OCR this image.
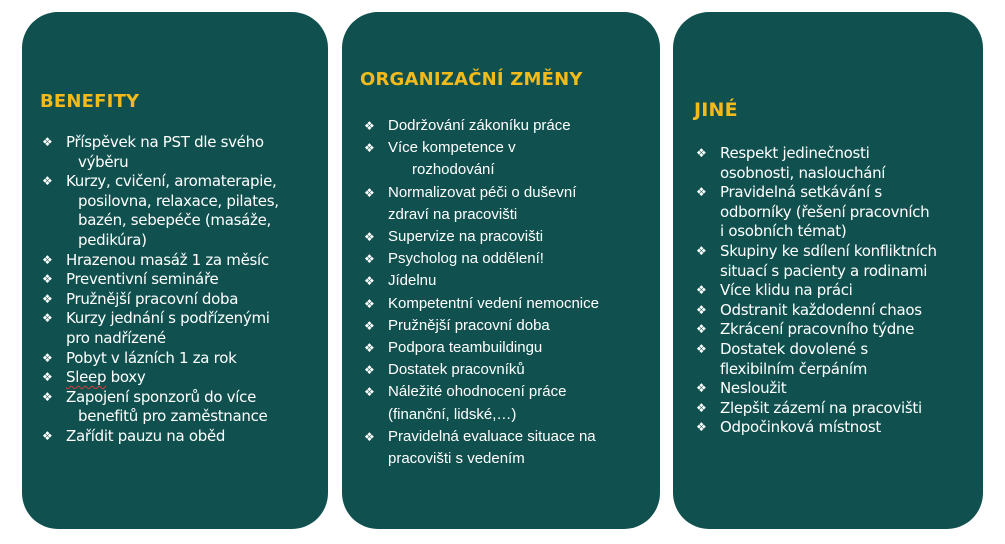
BENEFITY
❖ Příspěvek na PST dle svého
výběru
❖ Kurzy, cvičení, aromaterapie,
posilovna, relaxace, pilates,
bazén, sebepéče (masáže,
pedikúra)
❖ Hrazenou masáž 1 za měsíc
❖ Preventivní semináře
❖ Pružnější pracovní doba
❖ Kurzy jednání s podřízenými
pro nadřízené
❖ Pobyt v lázních 1 za rok
❖ Sleep boxy
❖ Zapojení sponzorů do více
benefitů pro zaměstnance
❖ Zařídit pauzu na oběd
ORGANIZAČNÍ ZMĚNY
❖ Dodržování zákoníku práce
❖ Více kompetence v
rozhodování
❖ Normalizovat péči o duševní
zdraví na pracovišti
❖ Supervize na pracovišti
❖ Psycholog na oddělení!
❖ Jídelnu
❖ Kompetentní vedení nemocnice
❖ Pružnější pracovní doba
❖ Podpora teambuildingu
❖ Dostatek pracovníků
❖ Náležité ohodnocení práce
(finanční, lidské,…)
❖ Pravidelná evaluace situace na
pracovišti s vedením
JINÉ
❖ Respekt jedinečnosti
osobnosti, naslouchání
❖ Pravidelná setkávání s
odborníky (řešení pracovních
i osobních témat)
❖ Skupiny ke sdílení konfliktních
situací s pacienty a rodinami
❖ Více klidu na práci
❖ Odstranit každodenní chaos
❖ Zkrácení pracovního týdne
❖ Dostatek dovolené s
flexibilním čerpáním
❖ Nesloužit
❖ Zlepšit zázemí na pracovišti
❖ Odpočinková místnost
